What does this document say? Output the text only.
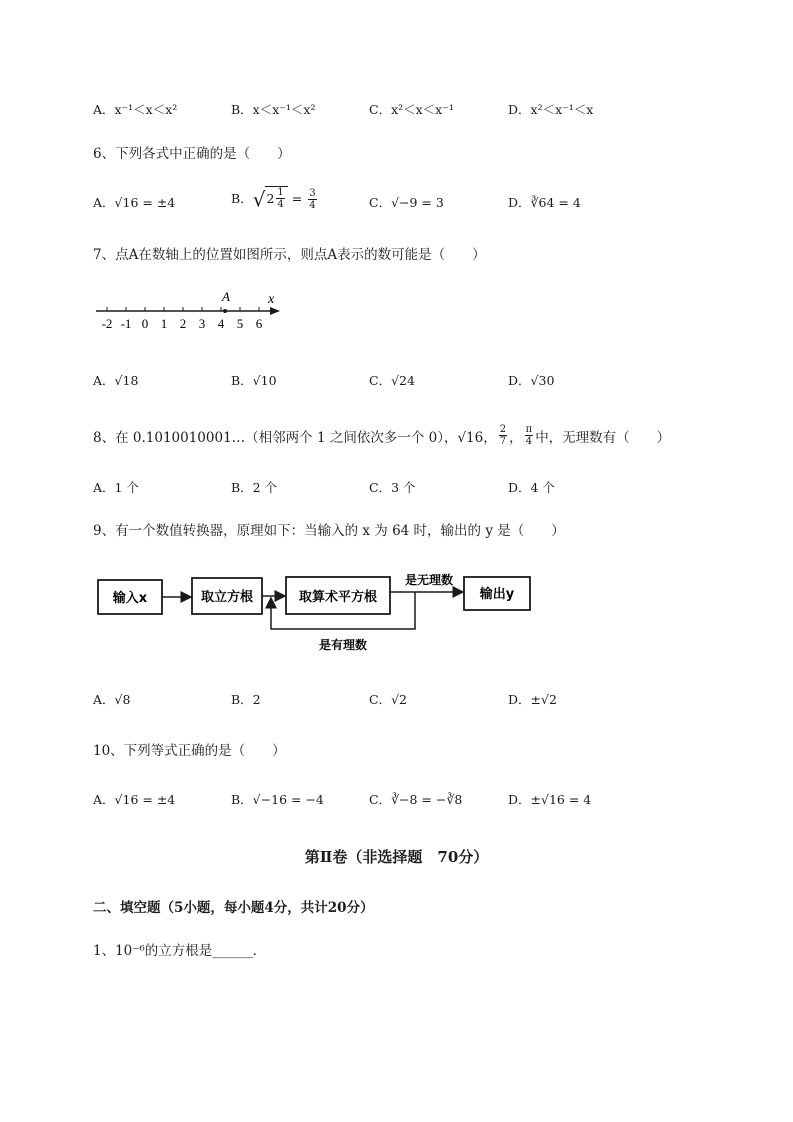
A．x⁻¹＜x＜x²	B．x＜x⁻¹＜x²	C．x²＜x＜x⁻¹	D．x²＜x⁻¹＜x
6、下列各式中正确的是（　　）
A．√16 = ±4	B．√ $2 \frac{1}{4} = \frac{3}{4}$	C．√−9 = 3	D．∛64 = 4
7、点A在数轴上的位置如图所示，则点A表示的数可能是（　　）
-2 -1 0 1 2 3 4 5 6
A	x
A．√18	B．√10	C．√24	D．√30
8、在 0.1010010001…（相邻两个 1 之间依次多一个 0），√16， $\frac{2}{7}$ ， $\frac{\pi}{4}$ 中，无理数有（　　）
A．1 个	B．2 个	C．3 个	D．4 个
9、有一个数值转换器，原理如下：当输入的 x 为 64 时，输出的 y 是（　　）
输入x	取立方根	取算术平方根
是无理数
输出y
是有理数
A．√8	B．2	C．√2	D．±√2
10、下列等式正确的是（　　）
A．√16 = ±4	B．√−16 = −4	C．∛−8 = −∛8	D．±√16 = 4
第Ⅱ卷（非选择题　70分）
二、填空题（5小题，每小题4分，共计20分）
1、10⁻⁶的立方根是______．
